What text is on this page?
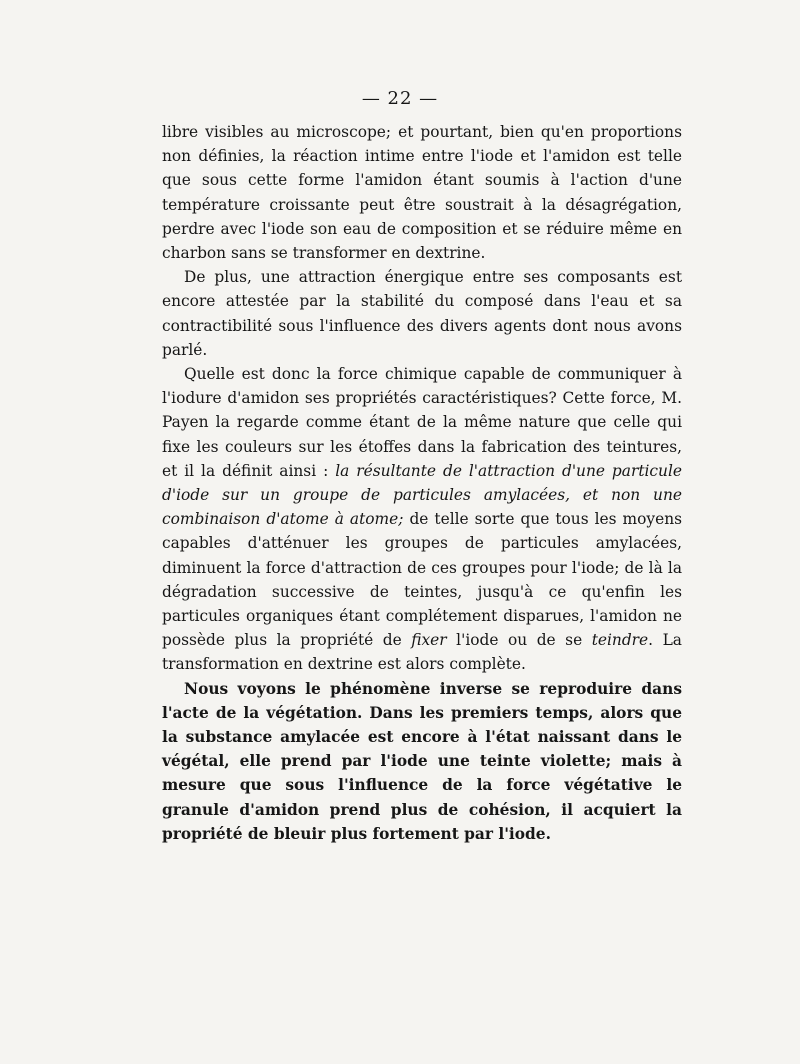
— 22 —

libre visibles au microscope; et pourtant, bien qu'en proportions non définies, la réaction intime entre l'iode et l'amidon est telle que sous cette forme l'amidon étant soumis à l'action d'une température croissante peut être soustrait à la désagrégation, perdre avec l'iode son eau de composition et se réduire même en charbon sans se transformer en dextrine.

De plus, une attraction énergique entre ses composants est encore attestée par la stabilité du composé dans l'eau et sa contractibilité sous l'influence des divers agents dont nous avons parlé.

Quelle est donc la force chimique capable de communiquer à l'iodure d'amidon ses propriétés caractéristiques? Cette force, M. Payen la regarde comme étant de la même nature que celle qui fixe les couleurs sur les étoffes dans la fabrication des teintures, et il la définit ainsi : la résultante de l'attraction d'une particule d'iode sur un groupe de particules amylacées, et non une combinaison d'atome à atome; de telle sorte que tous les moyens capables d'atténuer les groupes de particules amylacées, diminuent la force d'attraction de ces groupes pour l'iode; de là la dégradation successive de teintes, jusqu'à ce qu'enfin les particules organiques étant complétement disparues, l'amidon ne possède plus la propriété de fixer l'iode ou de se teindre. La transformation en dextrine est alors complète.

Nous voyons le phénomène inverse se reproduire dans l'acte de la végétation. Dans les premiers temps, alors que la substance amylacée est encore à l'état naissant dans le végétal, elle prend par l'iode une teinte violette; mais à mesure que sous l'influence de la force végétative le granule d'amidon prend plus de cohésion, il acquiert la propriété de bleuir plus fortement par l'iode.
